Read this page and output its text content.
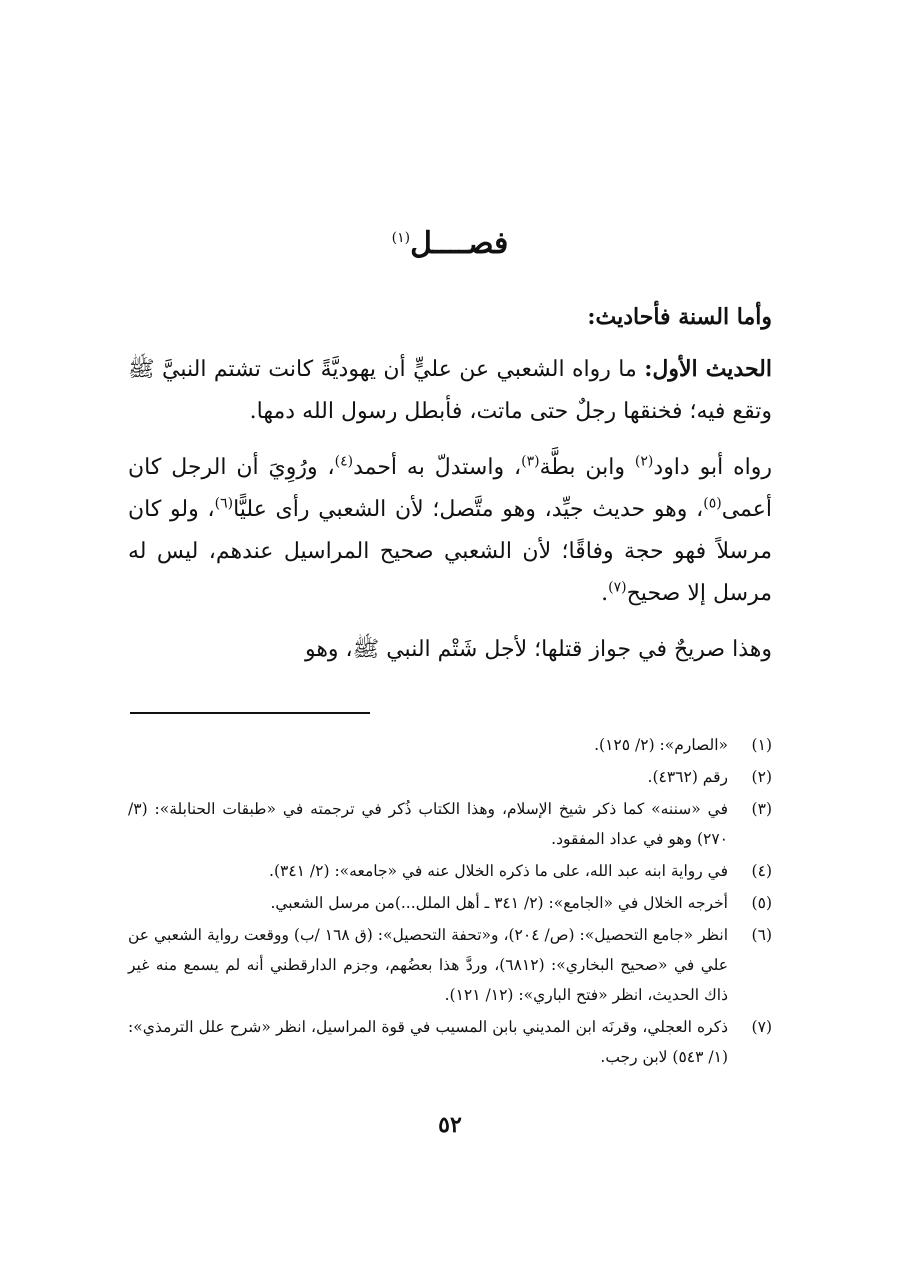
فصــــل$^{(١)}$

وأما السنة فأحاديث:

الحديث الأول: ما رواه الشعبي عن عليٍّ أن يهوديَّةً كانت تشتم النبيَّ ﷺ وتقع فيه؛ فخنقها رجلٌ حتى ماتت، فأبطل رسول الله دمها.

رواه أبو داود$^{(٢)}$ وابن بطَّة$^{(٣)}$، واستدلّ به أحمد$^{(٤)}$، ورُوِيَ أن الرجل كان أعمى$^{(٥)}$، وهو حديث جيِّد، وهو متَّصل؛ لأن الشعبي رأى عليًّا$^{(٦)}$، ولو كان مرسلاً فهو حجة وفاقًا؛ لأن الشعبي صحيح المراسيل عندهم، ليس له مرسل إلا صحيح$^{(٧)}$.

وهذا صريحٌ في جواز قتلها؛ لأجل شَتْم النبي ﷺ، وهو

(١)
«الصارم»: (٢/ ١٢٥).
(٢)
رقم (٤٣٦٢).
(٣)
في «سننه» كما ذكر شيخ الإسلام، وهذا الكتاب ذُكر في ترجمته في «طبقات الحنابلة»: (٣/ ٢٧٠) وهو في عداد المفقود.
(٤)
في رواية ابنه عبد الله، على ما ذكره الخلال عنه في «جامعه»: (٢/ ٣٤١).
(٥)
أخرجه الخلال في «الجامع»: (٢/ ٣٤١ ـ أهل الملل...)من مرسل الشعبي.
(٦)
انظر «جامع التحصيل»: (ص/ ٢٠٤)، و«تحفة التحصيل»: (ق ١٦٨ /ب) ووقعت رواية الشعبي عن علي في «صحيح البخاري»: (٦٨١٢)، وردَّ هذا بعضُهم، وجزم الدارقطني أنه لم يسمع منه غير ذاك الحديث، انظر «فتح الباري»: (١٢/ ١٢١).
(٧)
ذكره العجلي، وقرنَه ابن المديني بابن المسيب في قوة المراسيل، انظر «شرح علل الترمذي»: (١/ ٥٤٣) لابن رجب.
٥٢
